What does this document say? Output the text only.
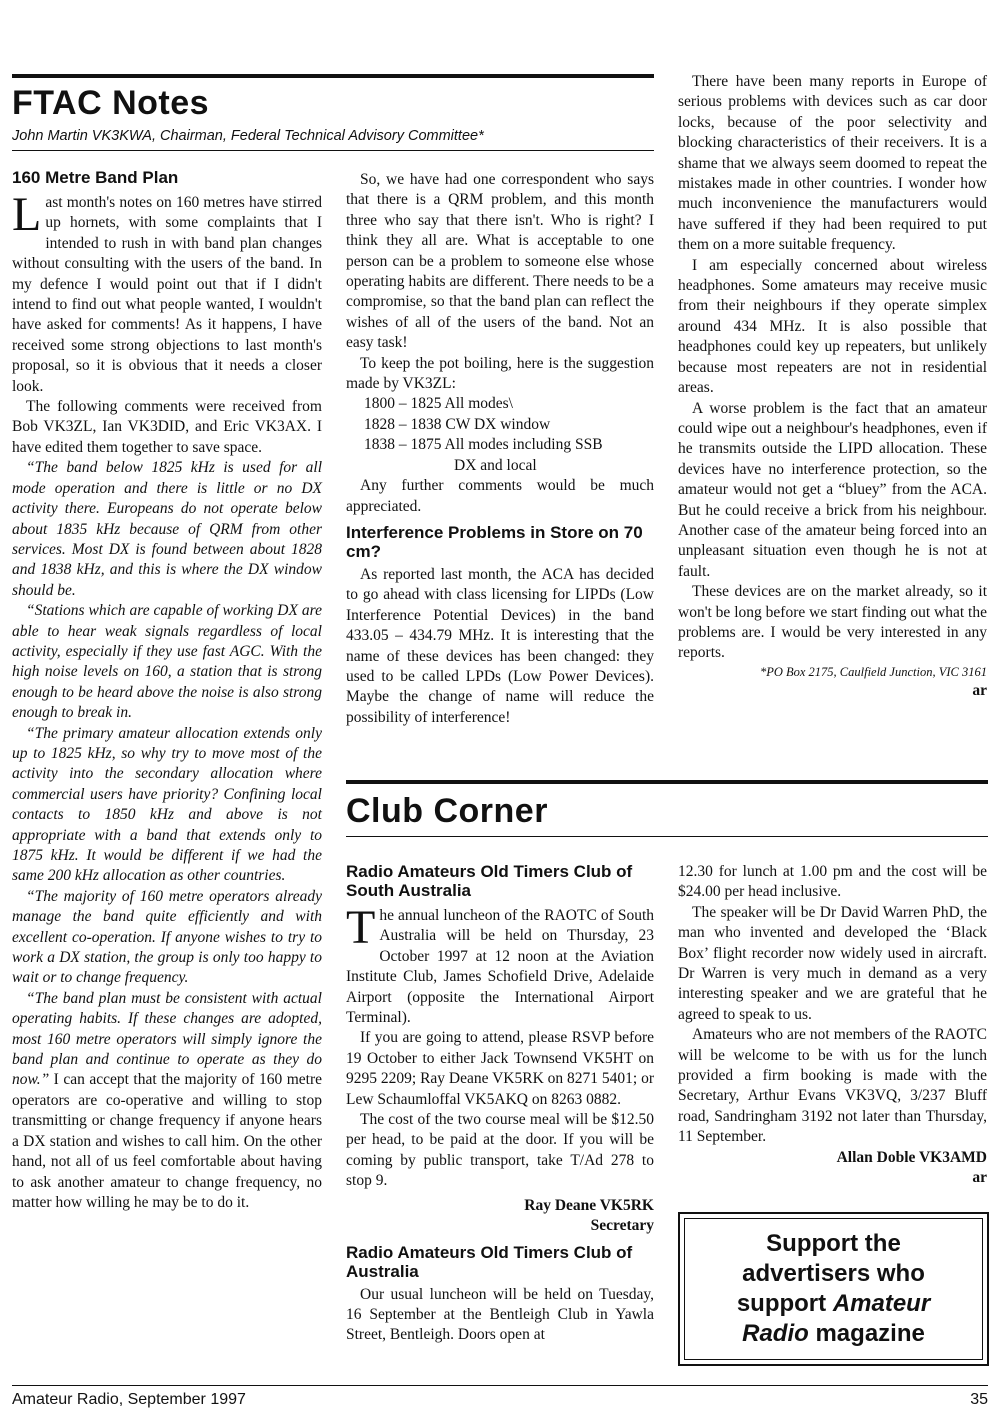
FTAC Notes
John Martin VK3KWA, Chairman, Federal Technical Advisory Committee*
160 Metre Band Plan

Last month's notes on 160 metres have stirred up hornets, with some complaints that I intended to rush in with band plan changes without consulting with the users of the band. In my defence I would point out that if I didn't intend to find out what people wanted, I wouldn't have asked for comments! As it happens, I have received some strong objections to last month's proposal, so it is obvious that it needs a closer look.

The following comments were received from Bob VK3ZL, Ian VK3DID, and Eric VK3AX. I have edited them together to save space.

“The band below 1825 kHz is used for all mode operation and there is little or no DX activity there. Europeans do not operate below about 1835 kHz because of QRM from other services. Most DX is found between about 1828 and 1838 kHz, and this is where the DX window should be.

“Stations which are capable of working DX are able to hear weak signals regardless of local activity, especially if they use fast AGC. With the high noise levels on 160, a station that is strong enough to be heard above the noise is also strong enough to break in.

“The primary amateur allocation extends only up to 1825 kHz, so why try to move most of the activity into the secondary allocation where commercial users have priority? Confining local contacts to 1850 kHz and above is not appropriate with a band that extends only to 1875 kHz. It would be different if we had the same 200 kHz allocation as other countries.

“The majority of 160 metre operators already manage the band quite efficiently and with excellent co-operation. If anyone wishes to try to work a DX station, the group is only too happy to wait or to change frequency.

“The band plan must be consistent with actual operating habits. If these changes are adopted, most 160 metre operators will simply ignore the band plan and continue to operate as they do now.” I can accept that the majority of 160 metre operators are co-operative and willing to stop transmitting or change frequency if anyone hears a DX station and wishes to call him. On the other hand, not all of us feel comfortable about having to ask another amateur to change frequency, no matter how willing he may be to do it.

So, we have had one correspondent who says that there is a QRM problem, and this month three who say that there isn't. Who is right? I think they all are. What is acceptable to one person can be a problem to someone else whose operating habits are different. There needs to be a compromise, so that the band plan can reflect the wishes of all of the users of the band. Not an easy task!

To keep the pot boiling, here is the suggestion made by VK3ZL:

1800 – 1825 All modes\
1828 – 1838 CW DX window
1838 – 1875 All modes including SSB
DX and local

Any further comments would be much appreciated.

Interference Problems in Store on 70 cm?

As reported last month, the ACA has decided to go ahead with class licensing for LIPDs (Low Interference Potential Devices) in the band 433.05 – 434.79 MHz. It is interesting that the name of these devices has been changed: they used to be called LPDs (Low Power Devices). Maybe the change of name will reduce the possibility of interference!

There have been many reports in Europe of serious problems with devices such as car door locks, because of the poor selectivity and blocking characteristics of their receivers. It is a shame that we always seem doomed to repeat the mistakes made in other countries. I wonder how much inconvenience the manufacturers would have suffered if they had been required to put them on a more suitable frequency.

I am especially concerned about wireless headphones. Some amateurs may receive music from their neighbours if they operate simplex around 434 MHz. It is also possible that headphones could key up repeaters, but unlikely because most repeaters are not in residential areas.

A worse problem is the fact that an amateur could wipe out a neighbour's headphones, even if he transmits outside the LIPD allocation. These devices have no interference protection, so the amateur would not get a “bluey” from the ACA. But he could receive a brick from his neighbour. Another case of the amateur being forced into an unpleasant situation even though he is not at fault.

These devices are on the market already, so it won't be long before we start finding out what the problems are. I would be very interested in any reports.

*PO Box 2175, Caulfield Junction, VIC 3161

ar

Club Corner
Radio Amateurs Old Timers Club of South Australia

The annual luncheon of the RAOTC of South Australia will be held on Thursday, 23 October 1997 at 12 noon at the Aviation Institute Club, James Schofield Drive, Adelaide Airport (opposite the International Airport Terminal).

If you are going to attend, please RSVP before 19 October to either Jack Townsend VK5HT on 9295 2209; Ray Deane VK5RK on 8271 5401; or Lew Schaumloffal VK5AKQ on 8263 0882.

The cost of the two course meal will be $12.50 per head, to be paid at the door. If you will be coming by public transport, take T/Ad 278 to stop 9.

Ray Deane VK5RK

Secretary

Radio Amateurs Old Timers Club of Australia

Our usual luncheon will be held on Tuesday, 16 September at the Bentleigh Club in Yawla Street, Bentleigh. Doors open at

12.30 for lunch at 1.00 pm and the cost will be $24.00 per head inclusive.

The speaker will be Dr David Warren PhD, the man who invented and developed the ‘Black Box’ flight recorder now widely used in aircraft. Dr Warren is very much in demand as a very interesting speaker and we are grateful that he agreed to speak to us.

Amateurs who are not members of the RAOTC will be welcome to be with us for the lunch provided a firm booking is made with the Secretary, Arthur Evans VK3VQ, 3/237 Bluff road, Sandringham 3192 not later than Thursday, 11 September.

Allan Doble VK3AMD

ar

Support the
advertisers who
support Amateur
Radio magazine
Amateur Radio, September 1997	35
